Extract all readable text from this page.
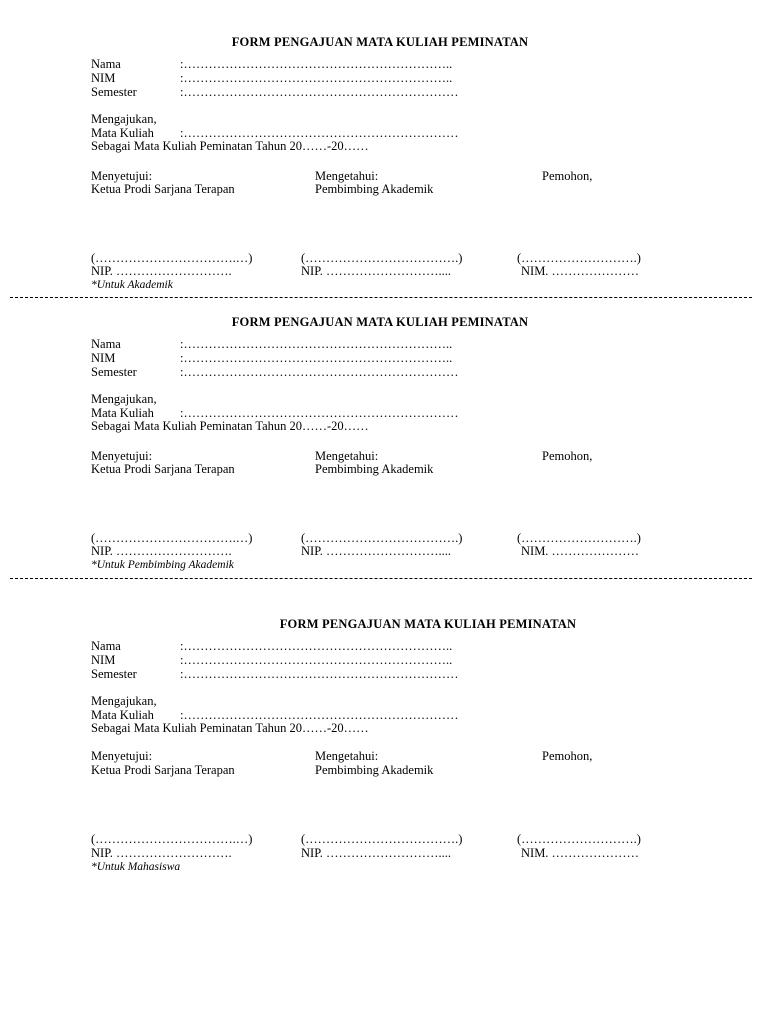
FORM PENGAJUAN MATA KULIAH PEMINATAN
Nama	:………………………………………………………..
NIM	:………………………………………………………..
Semester	:…………………………………………………………
Mengajukan,
Mata Kuliah :…………………………………………………………
Sebagai Mata Kuliah Peminatan Tahun 20……-20……
Menyetujui:	Mengetahui:	Pemohon,
Ketua Prodi Sarjana Terapan	Pembimbing Akademik
(…………………………….…)	(……………………………….)	(……………………….)
NIP. ……………………….	NIP. ………………………....	NIM. …………………
*Untuk Akademik
FORM PENGAJUAN MATA KULIAH PEMINATAN
Nama	:………………………………………………………..
NIM	:………………………………………………………..
Semester	:…………………………………………………………
Mengajukan,
Mata Kuliah :…………………………………………………………
Sebagai Mata Kuliah Peminatan Tahun 20……-20……
Menyetujui:	Mengetahui:	Pemohon,
Ketua Prodi Sarjana Terapan	Pembimbing Akademik
(…………………………….…)	(……………………………….)	(……………………….)
NIP. ……………………….	NIP. ………………………....	NIM. …………………
*Untuk Pembimbing Akademik
FORM PENGAJUAN MATA KULIAH PEMINATAN
Nama	:………………………………………………………..
NIM	:………………………………………………………..
Semester	:…………………………………………………………
Mengajukan,
Mata Kuliah :…………………………………………………………
Sebagai Mata Kuliah Peminatan Tahun 20……-20……
Menyetujui:	Mengetahui:	Pemohon,
Ketua Prodi Sarjana Terapan	Pembimbing Akademik
(…………………………….…)	(……………………………….)	(……………………….)
NIP. ……………………….	NIP. ………………………....	NIM. …………………
*Untuk Mahasiswa
